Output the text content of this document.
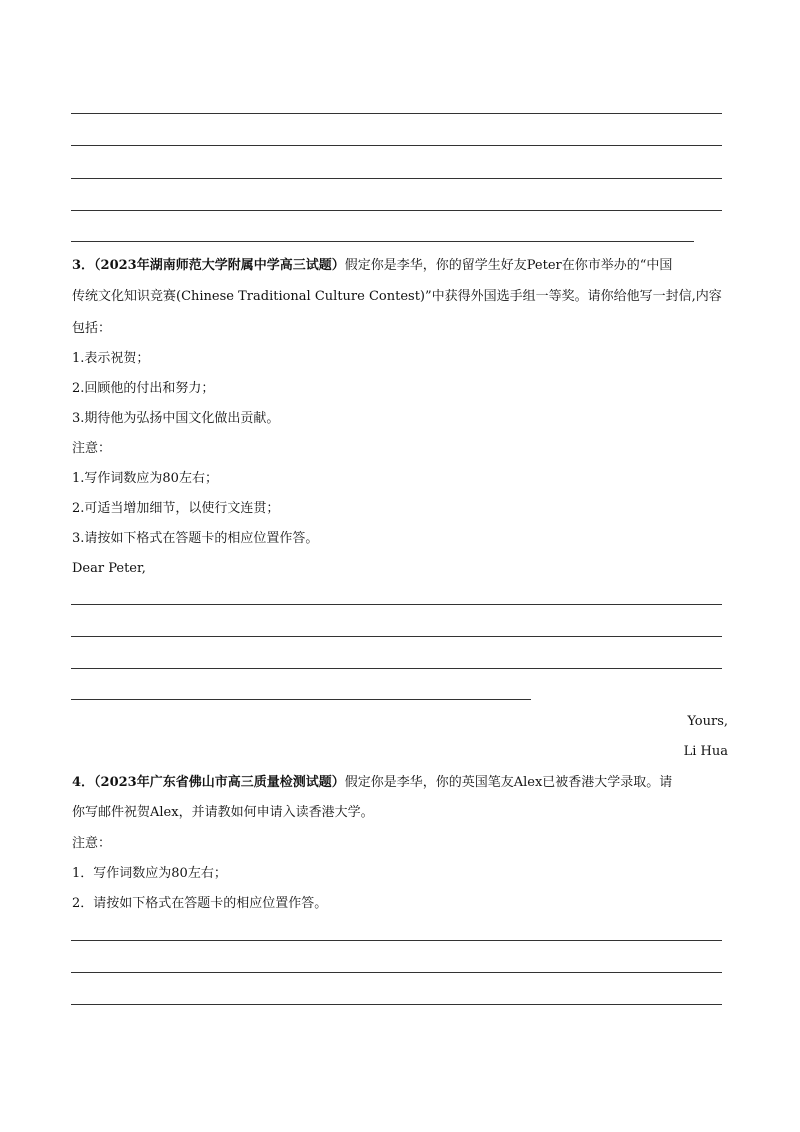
3．（2023年湖南师范大学附属中学高三试题）假定你是李华，你的留学生好友Peter在你市举办的“中国
传统文化知识竞赛(Chinese Traditional Culture Contest)”中获得外国选手组一等奖。请你给他写一封信,内容
包括：
1.表示祝贺；
2.回顾他的付出和努力；
3.期待他为弘扬中国文化做出贡献。
注意：
1.写作词数应为80左右；
2.可适当增加细节，以使行文连贯；
3.请按如下格式在答题卡的相应位置作答。
Dear Peter,
Yours,
Li Hua
4．（2023年广东省佛山市高三质量检测试题）假定你是李华，你的英国笔友Alex已被香港大学录取。请
你写邮件祝贺Alex，并请教如何申请入读香港大学。
注意：
1．写作词数应为80左右；
2．请按如下格式在答题卡的相应位置作答。
